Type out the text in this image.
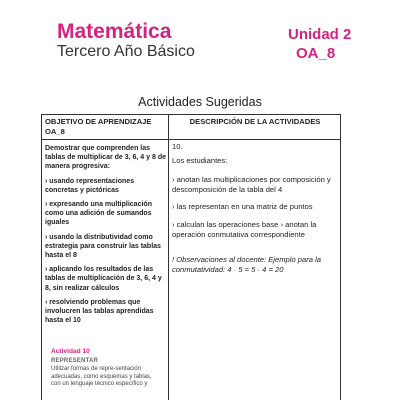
Matemática
Tercero Año Básico
Unidad 2
OA_8
Actividades Sugeridas
OBJETIVO DE APRENDIZAJE
OA_8
DESCRIPCIÓN DE LA ACTIVIDADES

Demostrar que comprenden las tablas de multiplicar de 3, 6, 4 y 8 de manera progresiva:

› usando representaciones concretas y pictóricas

› expresando una multiplicación como una adición de sumandos iguales

› usando la distributividad como estrategia para construir las tablas hasta el 8

› aplicando los resultados de las tablas de multiplicación de 3, 6, 4 y 8, sin realizar cálculos

› resolviendo problemas que involucren las tablas aprendidas hasta el 10

Actividad 10
REPRESENTAR
Utilizar formas de repre-sentación adecuadas, como esquemas y tablas, con un lenguaje técnico específico y

10.

Los estudiantes:

› anotan las multiplicaciones por composición y descomposición de la tabla del 4

› las representan en una matriz de puntos

› calculan las operaciones base › anotan la operación conmutativa correspondiente

! Observaciones al docente: Ejemplo para la conmutatividad: 4 · 5 = 5 · 4 = 20
